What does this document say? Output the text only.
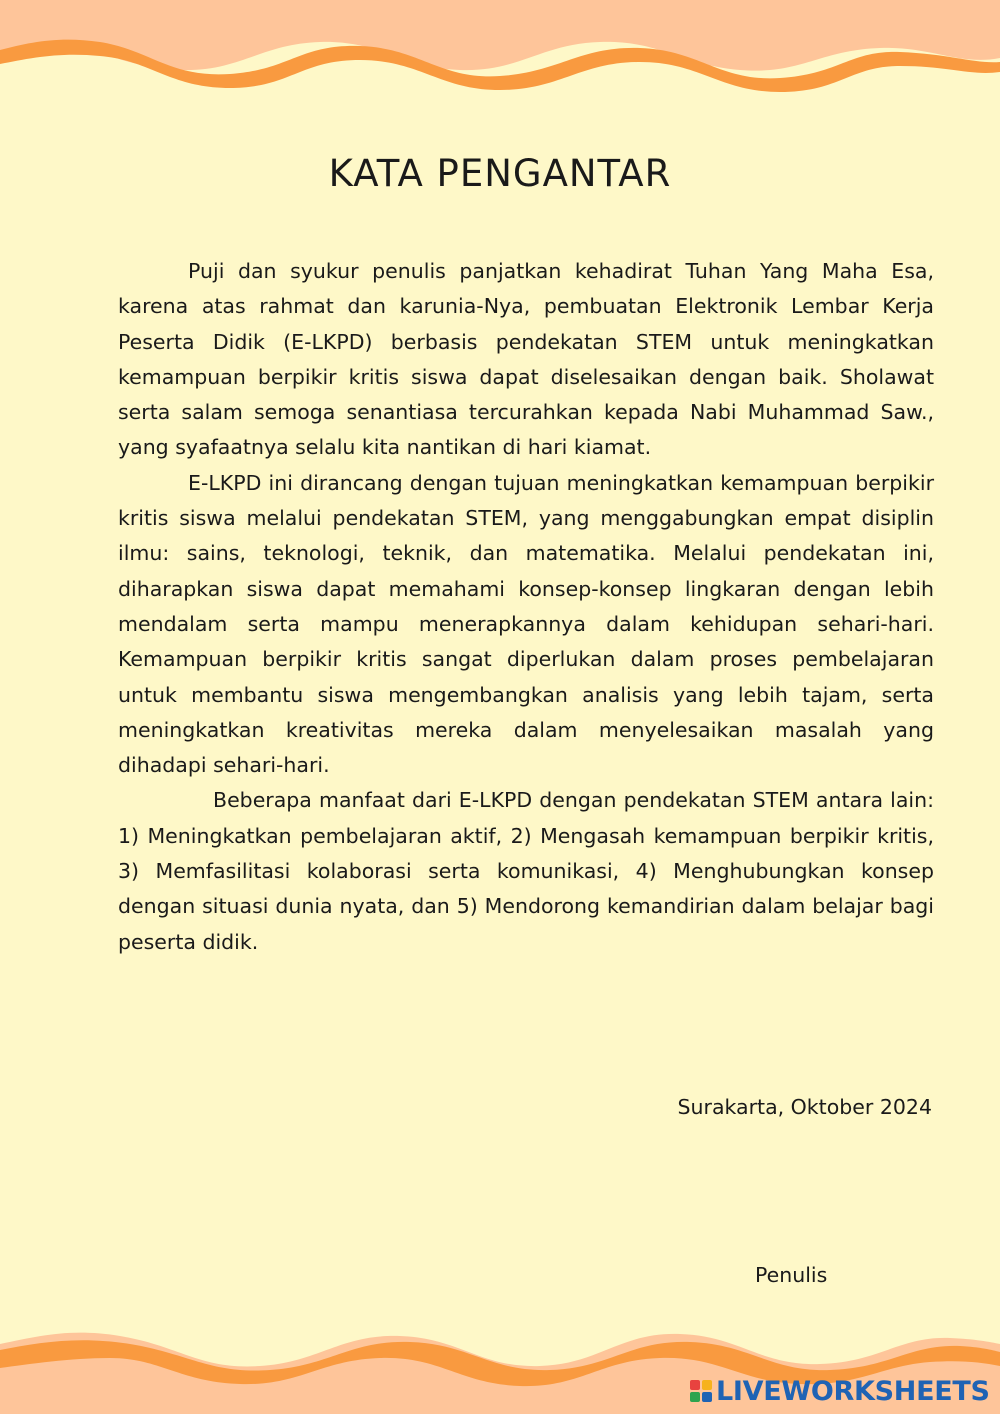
KATA PENGANTAR

Puji dan syukur penulis panjatkan kehadirat Tuhan Yang Maha Esa, karena atas rahmat dan karunia-Nya, pembuatan Elektronik Lembar Kerja Peserta Didik (E-LKPD) berbasis pendekatan STEM untuk meningkatkan kemampuan berpikir kritis siswa dapat diselesaikan dengan baik. Sholawat serta salam semoga senantiasa tercurahkan kepada Nabi Muhammad Saw., yang syafaatnya selalu kita nantikan di hari kiamat.

E-LKPD ini dirancang dengan tujuan meningkatkan kemampuan berpikir kritis siswa melalui pendekatan STEM, yang menggabungkan empat disiplin ilmu: sains, teknologi, teknik, dan matematika. Melalui pendekatan ini, diharapkan siswa dapat memahami konsep-konsep lingkaran dengan lebih mendalam serta mampu menerapkannya dalam kehidupan sehari-hari. Kemampuan berpikir kritis sangat diperlukan dalam proses pembelajaran untuk membantu siswa mengembangkan analisis yang lebih tajam, serta meningkatkan kreativitas mereka dalam menyelesaikan masalah yang dihadapi sehari-hari.

Beberapa manfaat dari E-LKPD dengan pendekatan STEM antara lain: 1) Meningkatkan pembelajaran aktif, 2) Mengasah kemampuan berpikir kritis, 3) Memfasilitasi kolaborasi serta komunikasi, 4) Menghubungkan konsep dengan situasi dunia nyata, dan 5) Mendorong kemandirian dalam belajar bagi peserta didik.

Surakarta, Oktober 2024
Penulis
LIVEWORKSHEETS
